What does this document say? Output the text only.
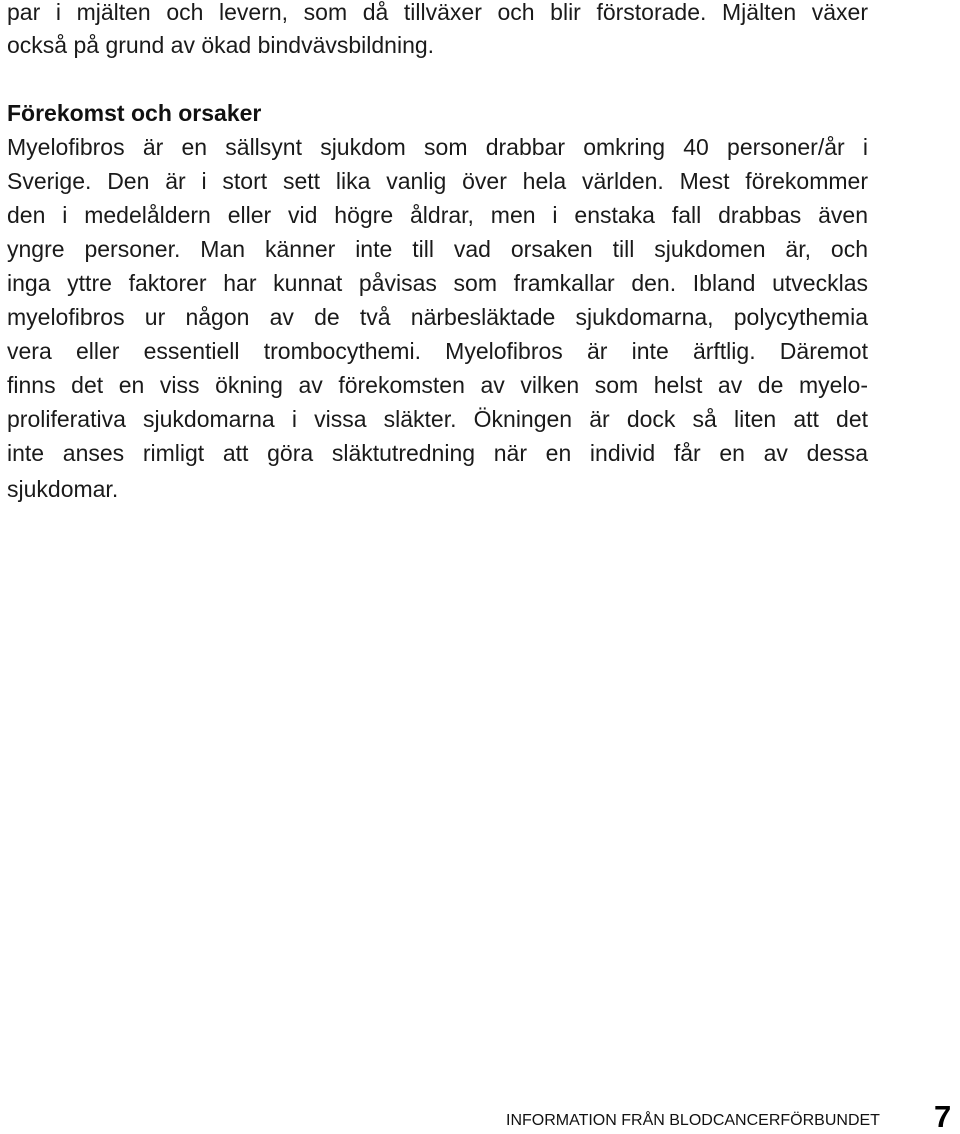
par i mjälten och levern, som då tillväxer och blir förstorade. Mjälten växer
också på grund av ökad bindvävsbildning.
Förekomst och orsaker
Myelofibros är en sällsynt sjukdom som drabbar omkring 40 personer/år i
Sverige. Den är i stort sett lika vanlig över hela världen. Mest förekommer
den i medelåldern eller vid högre åldrar, men i enstaka fall drabbas även
yngre personer. Man känner inte till vad orsaken till sjukdomen är, och
inga yttre faktorer har kunnat påvisas som framkallar den. Ibland utvecklas
myelofibros ur någon av de två närbesläktade sjukdomarna, polycythemia
vera eller essentiell trombocythemi. Myelofibros är inte ärftlig. Däremot
finns det en viss ökning av förekomsten av vilken som helst av de myelo-
proliferativa sjukdomarna i vissa släkter. Ökningen är dock så liten att det
inte anses rimligt att göra släktutredning när en individ får en av dessa
sjukdomar.
INFORMATION FRÅN BLODCANCERFÖRBUNDET 7
